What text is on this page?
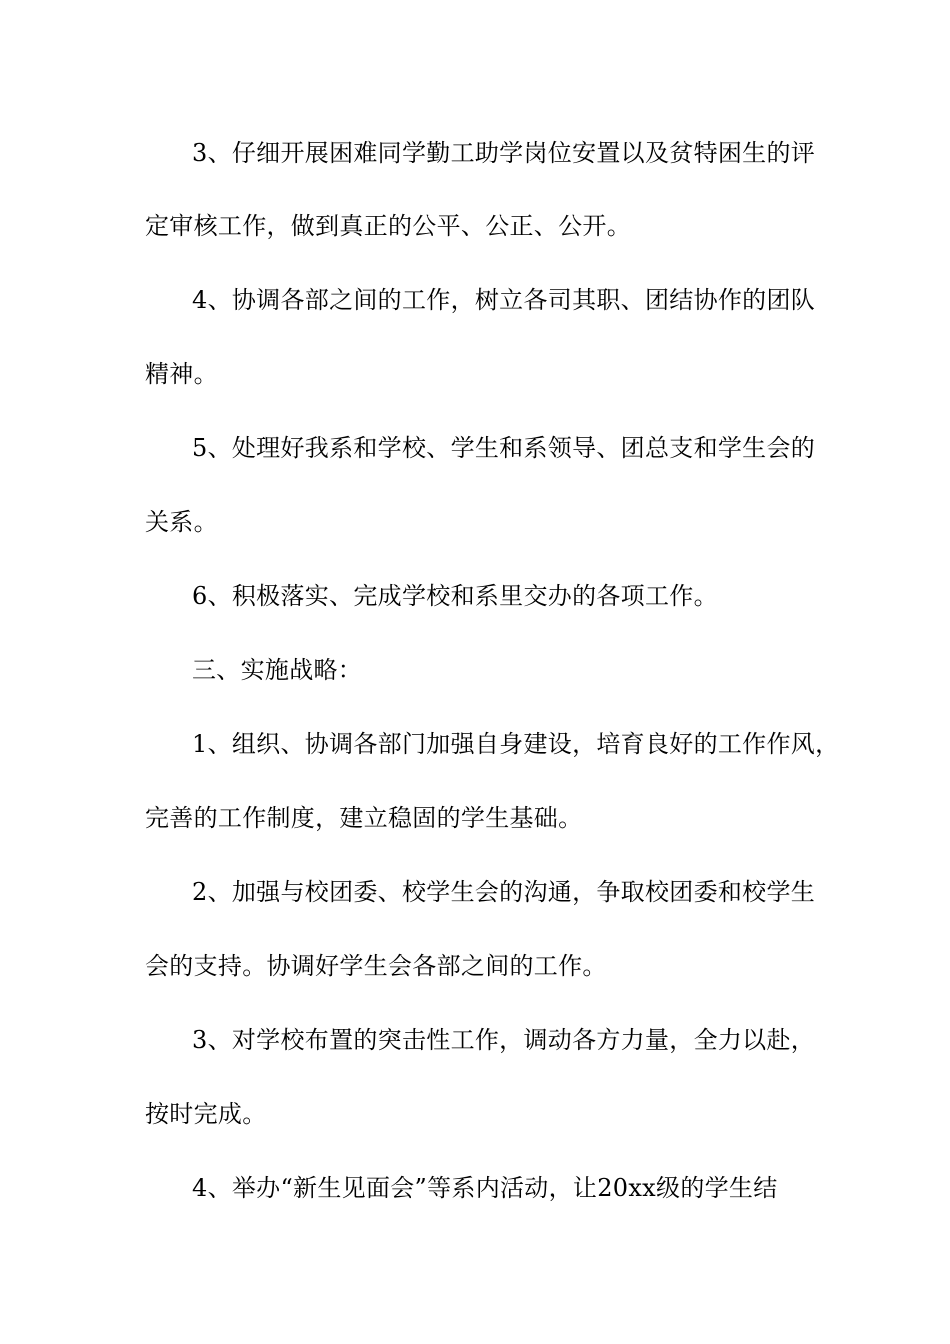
3、仔细开展困难同学勤工助学岗位安置以及贫特困生的评
定审核工作，做到真正的公平、公正、公开。
4、协调各部之间的工作，树立各司其职、团结协作的团队
精神。
5、处理好我系和学校、学生和系领导、团总支和学生会的
关系。
6、积极落实、完成学校和系里交办的各项工作。
三、实施战略：
1、组织、协调各部门加强自身建设，培育良好的工作作风，
完善的工作制度，建立稳固的学生基础。
2、加强与校团委、校学生会的沟通，争取校团委和校学生
会的支持。协调好学生会各部之间的工作。
3、对学校布置的突击性工作，调动各方力量，全力以赴，
按时完成。
4、举办“新生见面会”等系内活动，让20xx级的学生结
